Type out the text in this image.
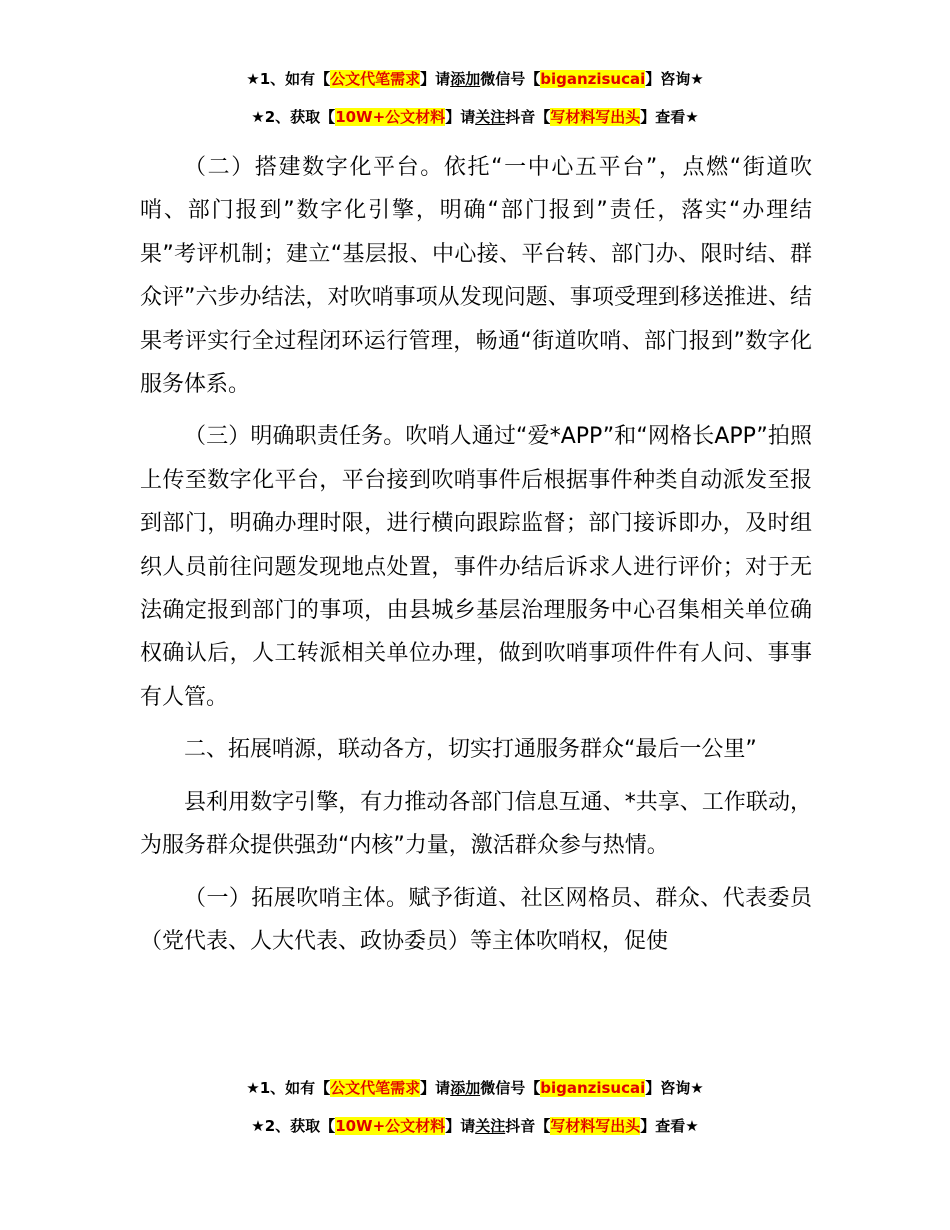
★1、如有【公文代笔需求】请添加微信号【biganzisucai】咨询★
★2、获取【10W+公文材料】请关注抖音【写材料写出头】查看★

（二）搭建数字化平台。依托“一中心五平台”，点燃“街道吹哨、部门报到”数字化引擎，明确“部门报到”责任，落实“办理结果”考评机制；建立“基层报、中心接、平台转、部门办、限时结、群众评”六步办结法，对吹哨事项从发现问题、事项受理到移送推进、结果考评实行全过程闭环运行管理，畅通“街道吹哨、部门报到”数字化服务体系。

（三）明确职责任务。吹哨人通过“爱*APP”和“网格长APP”拍照上传至数字化平台，平台接到吹哨事件后根据事件种类自动派发至报到部门，明确办理时限，进行横向跟踪监督；部门接诉即办，及时组织人员前往问题发现地点处置，事件办结后诉求人进行评价；对于无法确定报到部门的事项，由县城乡基层治理服务中心召集相关单位确权确认后，人工转派相关单位办理，做到吹哨事项件件有人问、事事有人管。

二、拓展哨源，联动各方，切实打通服务群众“最后一公里”

县利用数字引擎，有力推动各部门信息互通、*共享、工作联动，为服务群众提供强劲“内核”力量，激活群众参与热情。

（一）拓展吹哨主体。赋予街道、社区网格员、群众、代表委员（党代表、人大代表、政协委员）等主体吹哨权，促使

★1、如有【公文代笔需求】请添加微信号【biganzisucai】咨询★
★2、获取【10W+公文材料】请关注抖音【写材料写出头】查看★
